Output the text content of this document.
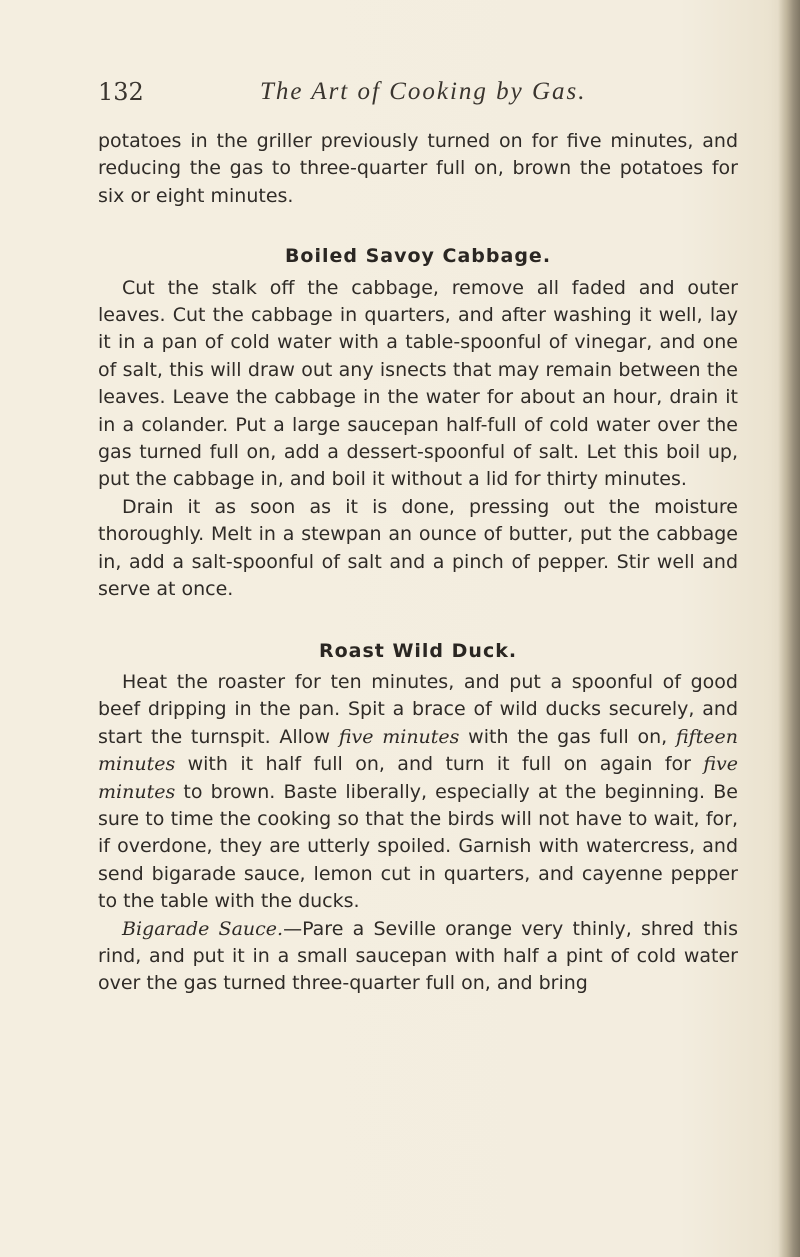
132	The Art of Cooking by Gas.

potatoes in the griller previously turned on for five minutes, and reducing the gas to three-quarter full on, brown the potatoes for six or eight minutes.

Boiled Savoy Cabbage.

Cut the stalk off the cabbage, remove all faded and outer leaves. Cut the cabbage in quarters, and after washing it well, lay it in a pan of cold water with a table-spoonful of vinegar, and one of salt, this will draw out any isnects that may remain between the leaves. Leave the cabbage in the water for about an hour, drain it in a colander. Put a large saucepan half-full of cold water over the gas turned full on, add a dessert-spoonful of salt. Let this boil up, put the cabbage in, and boil it without a lid for thirty minutes.

Drain it as soon as it is done, pressing out the moisture thoroughly. Melt in a stewpan an ounce of butter, put the cabbage in, add a salt-spoonful of salt and a pinch of pepper. Stir well and serve at once.

Roast Wild Duck.

Heat the roaster for ten minutes, and put a spoonful of good beef dripping in the pan. Spit a brace of wild ducks securely, and start the turnspit. Allow five minutes with the gas full on, fifteen minutes with it half full on, and turn it full on again for five minutes to brown. Baste liberally, especially at the beginning. Be sure to time the cooking so that the birds will not have to wait, for, if overdone, they are utterly spoiled. Garnish with watercress, and send bigarade sauce, lemon cut in quarters, and cayenne pepper to the table with the ducks.

Bigarade Sauce.—Pare a Seville orange very thinly, shred this rind, and put it in a small saucepan with half a pint of cold water over the gas turned three-quarter full on, and bring
